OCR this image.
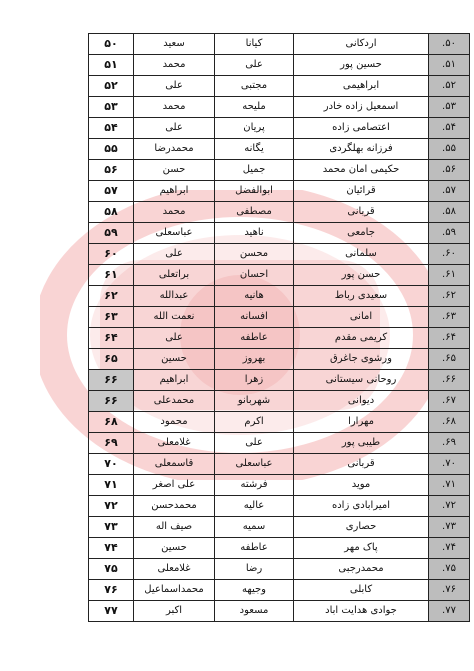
۵۰	سعید	کیانا	اردکانی	.۵۰
۵۱	محمد	علی	حسین پور	.۵۱
۵۲	علی	مجتبی	ابراهیمی	.۵۲
۵۳	محمد	ملیحه	اسمعیل زاده خادر	.۵۳
۵۴	علی	پریان	اعتصامی زاده	.۵۴
۵۵	محمدرضا	یگانه	فرزانه بهلگردی	.۵۵
۵۶	حسن	جمیل	حکیمی امان محمد	.۵۶
۵۷	ابراهیم	ابوالفضل	قرائیان	.۵۷
۵۸	محمد	مصطفی	قربانی	.۵۸
۵۹	عباسعلی	ناهید	جامعی	.۵۹
۶۰	علی	محسن	سلمانی	.۶۰
۶۱	براتعلی	احسان	حسن پور	.۶۱
۶۲	عبدالله	هانیه	سعیدی رباط	.۶۲
۶۳	نعمت الله	افسانه	امانی	.۶۳
۶۴	علی	عاطفه	کریمی مقدم	.۶۴
۶۵	حسین	بهروز	ورشوی جاغرق	.۶۵
۶۶	ابراهیم	زهرا	روحانی سیستانی	.۶۶
۶۶	محمدعلی	شهربانو	دیوانی	.۶۷
۶۸	محمود	اکرم	مهرارا	.۶۸
۶۹	غلامعلی	علی	طیبی پور	.۶۹
۷۰	قاسمعلی	عباسعلی	قربانی	.۷۰
۷۱	علی اصغر	فرشته	موید	.۷۱
۷۲	محمدحسن	عالیه	امیرابادی زاده	.۷۲
۷۳	صیف اله	سمیه	حصاری	.۷۳
۷۴	حسین	عاطفه	پاک مهر	.۷۴
۷۵	غلامعلی	رضا	محمدرجبی	.۷۵
۷۶	محمداسماعیل	وجیهه	کابلی	.۷۶
۷۷	اکبر	مسعود	جوادی هدایت اباد	.۷۷
